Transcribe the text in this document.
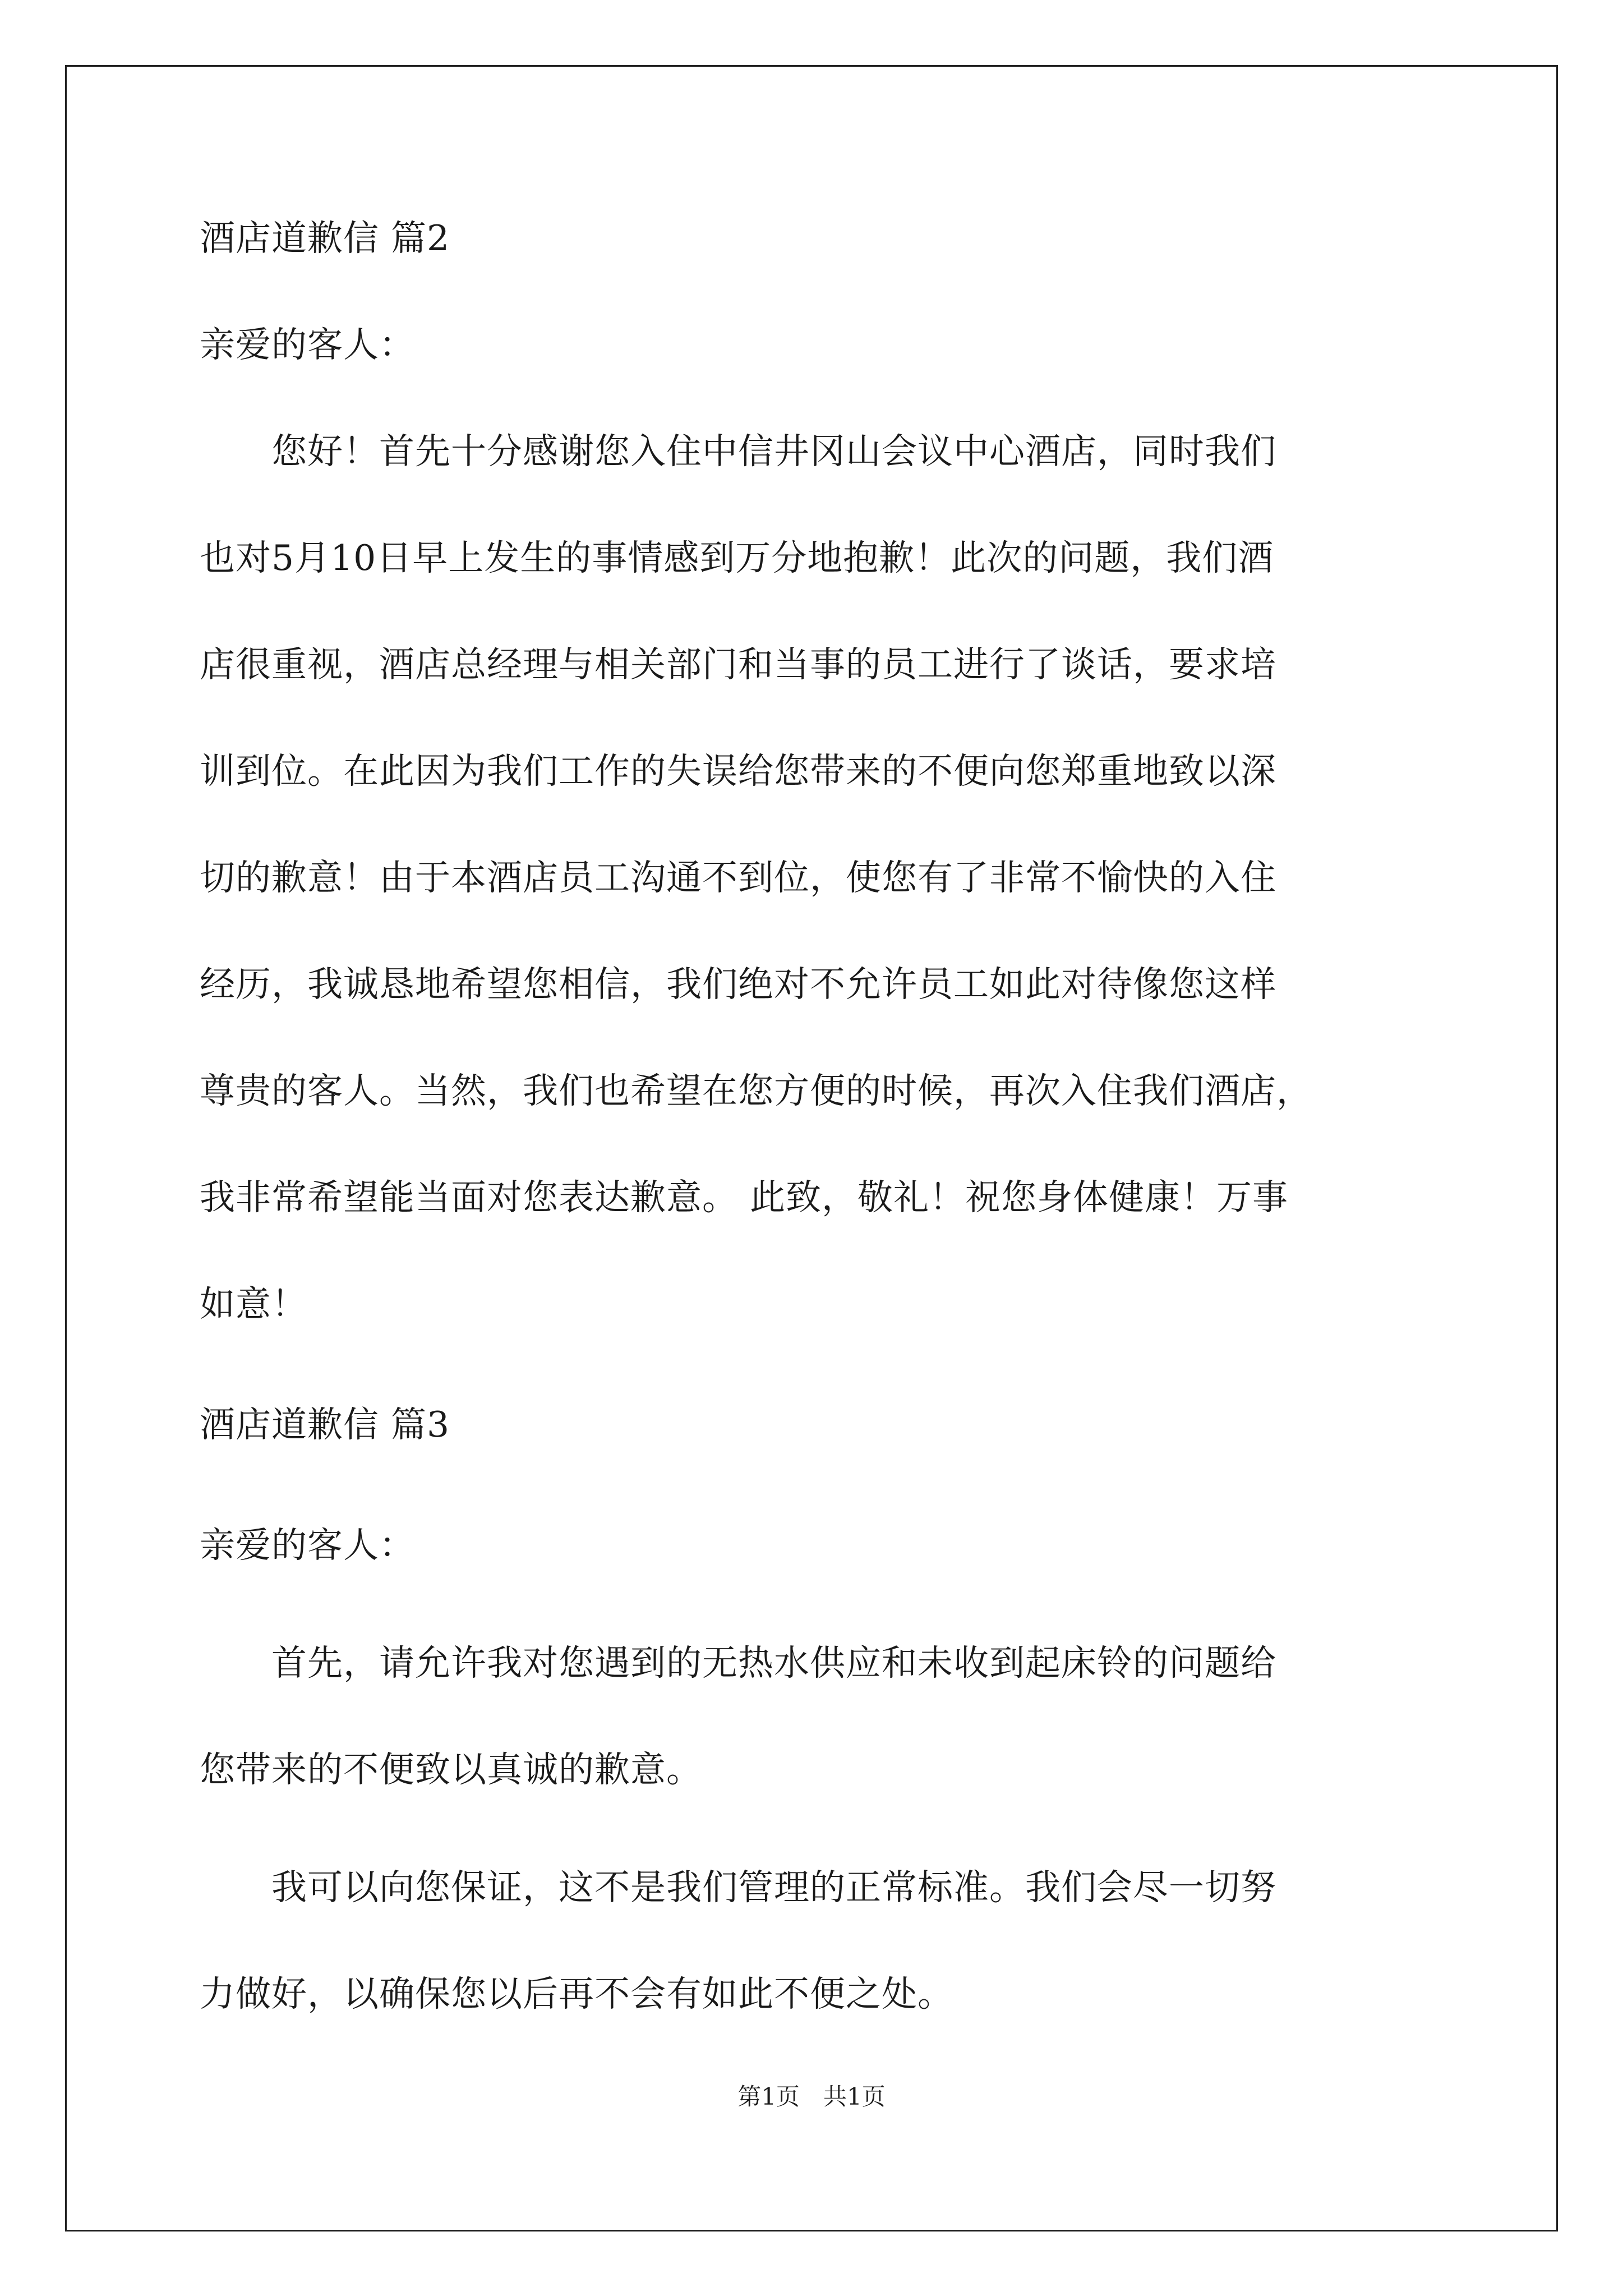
酒店道歉信 篇2
亲爱的客人：
　　您好！首先十分感谢您入住中信井冈山会议中心酒店，同时我们
也对5月10日早上发生的事情感到万分地抱歉！此次的问题，我们酒
店很重视，酒店总经理与相关部门和当事的员工进行了谈话，要求培
训到位。在此因为我们工作的失误给您带来的不便向您郑重地致以深
切的歉意！由于本酒店员工沟通不到位，使您有了非常不愉快的入住
经历，我诚恳地希望您相信，我们绝对不允许员工如此对待像您这样
尊贵的客人。当然，我们也希望在您方便的时候，再次入住我们酒店，
我非常希望能当面对您表达歉意。 此致，敬礼！祝您身体健康！万事
如意！
酒店道歉信 篇3
亲爱的客人：
　　首先，请允许我对您遇到的无热水供应和未收到起床铃的问题给
您带来的不便致以真诚的歉意。
　　我可以向您保证，这不是我们管理的正常标准。我们会尽一切努
力做好，以确保您以后再不会有如此不便之处。
第1页　共1页
